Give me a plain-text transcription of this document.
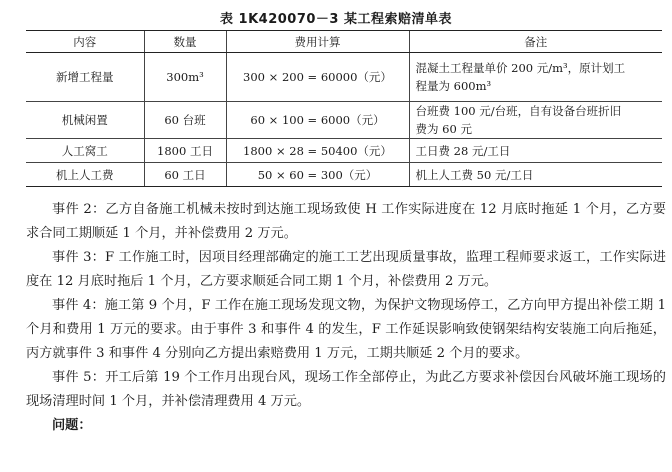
表 1K420070－3 某工程索赔清单表
内容	数量	费用计算	备注
新增工程量	300m³	300 × 200 = 60000（元）	混凝土工程量单价 200 元/m³，原计划工
程量为 600m³

机械闲置	60 台班	60 × 100 = 6000（元）	台班费 100 元/台班，自有设备台班折旧
费为 60 元

人工窝工	1800 工日	1800 × 28 = 50400（元）	工日费 28 元/工日

机上人工费	60 工日	50 × 60 = 300（元）	机上人工费 50 元/工日

事件 2：乙方自备施工机械未按时到达施工现场致使 H 工作实际进度在 12 月底时拖延 1 个月，乙方要求合同工期顺延 1 个月，并补偿费用 2 万元。

事件 3：F 工作施工时，因项目经理部确定的施工工艺出现质量事故，监理工程师要求返工，工作实际进度在 12 月底时拖后 1 个月，乙方要求顺延合同工期 1 个月，补偿费用 2 万元。

事件 4：施工第 9 个月，F 工作在施工现场发现文物，为保护文物现场停工，乙方向甲方提出补偿工期 1 个月和费用 1 万元的要求。由于事件 3 和事件 4 的发生，F 工作延误影响致使钢架结构安装施工向后拖延，丙方就事件 3 和事件 4 分别向乙方提出索赔费用 1 万元，工期共顺延 2 个月的要求。

事件 5：开工后第 19 个工作月出现台风，现场工作全部停止，为此乙方要求补偿因台风破坏施工现场的现场清理时间 1 个月，并补偿清理费用 4 万元。

问题：
